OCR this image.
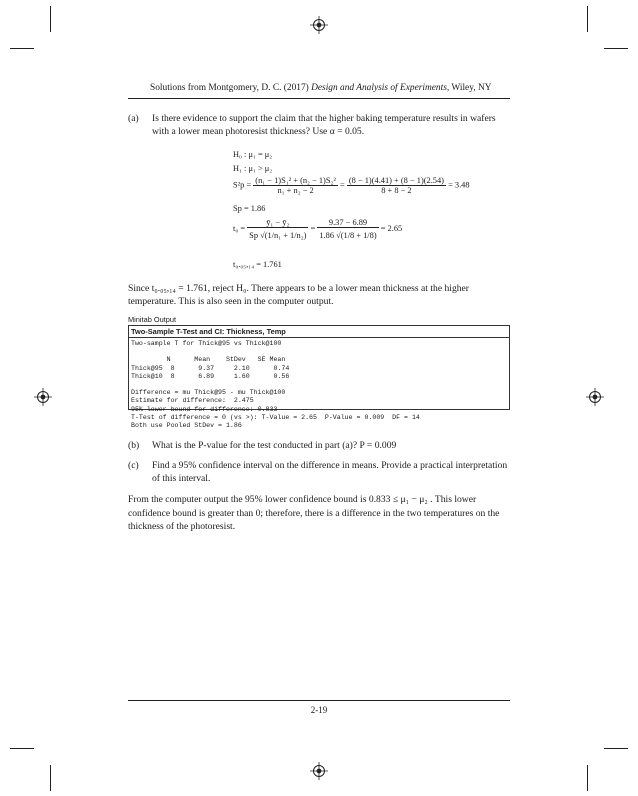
Solutions from Montgomery, D. C. (2017) Design and Analysis of Experiments, Wiley, NY
(a) Is there evidence to support the claim that the higher baking temperature results in wafers with a lower mean photoresist thickness? Use α = 0.05.
H₀ : μ₁ = μ₂
H₁ : μ₁ > μ₂
$S^2p = \frac{\text{(n₁ − 1)S₁² + (n₂ − 1)S₂²}}{\text{n₁ + n₂ − 2}} = \frac{(8 - 1)(4.41) + (8 - 1)(2.54)}{8 + 8 - 2} = 3.48$
Sp = 1.86
$t_0 = \frac{\text{ȳ₁ − ȳ₂}}{\text{Sp √(1/n₁ + 1/n₂)}} = \frac{9.37 - 6.89}{1.86 √(1/8 + 1/8)} = 2.65$
t₀.₀₅,₁₄ = 1.761
Since t₀.₀₅,₁₄ = 1.761, reject H₀. There appears to be a lower mean thickness at the higher temperature. This is also seen in the computer output.
Minitab Output
Two-Sample T-Test and CI: Thickness, Temp
Two-sample T for Thick@95 vs Thick@100
N      Mean    StDev   SE Mean
Thick@95  8      9.37     2.10      0.74
Thick@10  8      6.89     1.60      0.56
Difference = mu Thick@95 - mu Thick@100
Estimate for difference:  2.475
95% lower bound for difference: 0.833
T-Test of difference = 0 (vs >): T-Value = 2.65  P-Value = 0.009  DF = 14
Both use Pooled StDev = 1.86
(b) What is the P-value for the test conducted in part (a)? P = 0.009
(c) Find a 95% confidence interval on the difference in means. Provide a practical interpretation of this interval.
From the computer output the 95% lower confidence bound is 0.833 ≤ μ₁ − μ₂ . This lower confidence bound is greater than 0; therefore, there is a difference in the two temperatures on the thickness of the photoresist.
2-19
